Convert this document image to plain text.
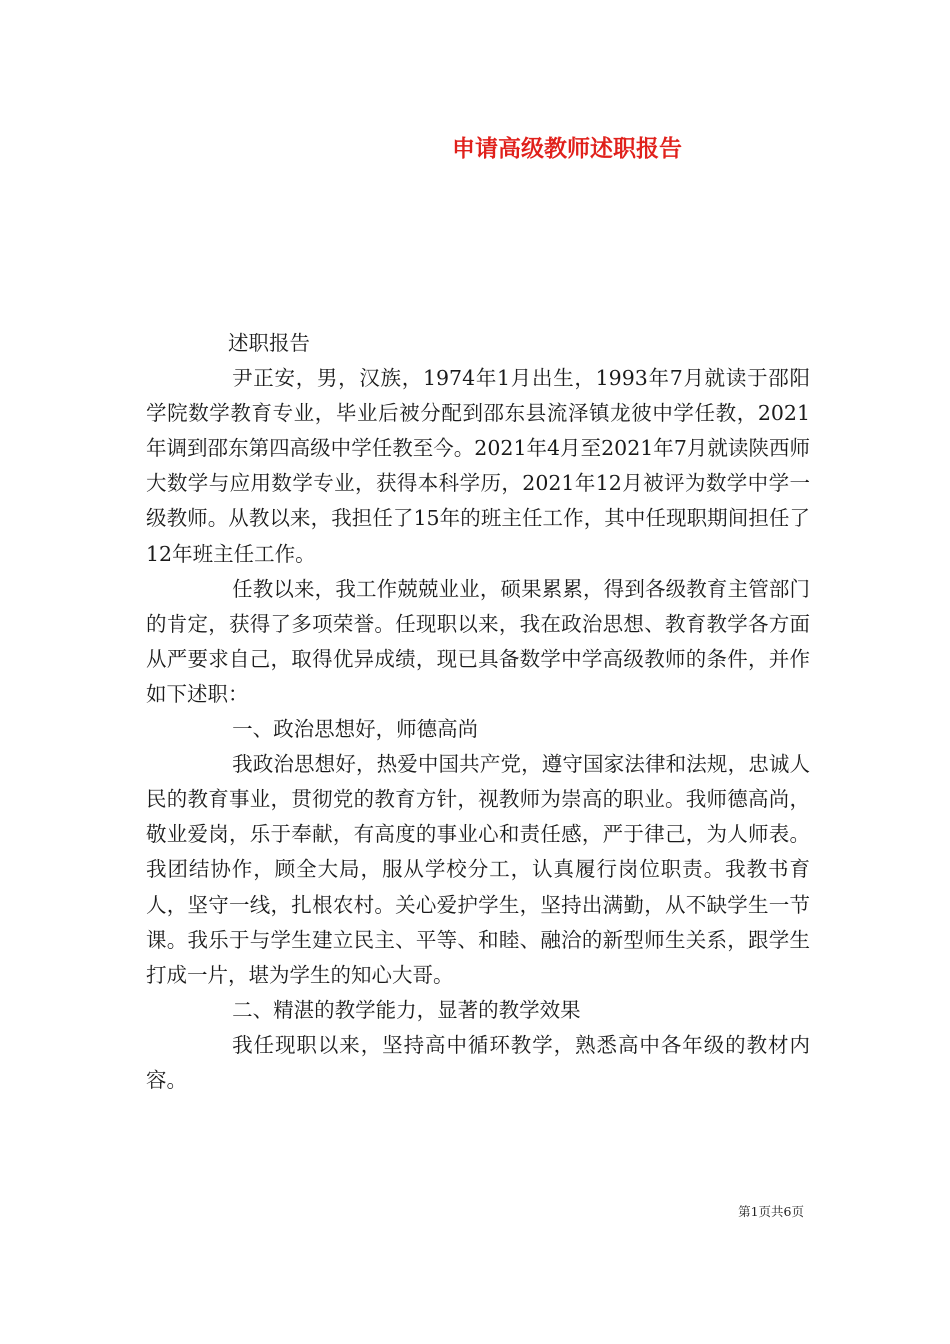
申请高级教师述职报告

述职报告

尹正安，男，汉族，1974年1月出生，1993年7月就读于邵阳学院数学教育专业，毕业后被分配到邵东县流泽镇龙彼中学任教，2021年调到邵东第四高级中学任教至今。2021年4月至2021年7月就读陕西师大数学与应用数学专业，获得本科学历，2021年12月被评为数学中学一级教师。从教以来，我担任了15年的班主任工作，其中任现职期间担任了12年班主任工作。

任教以来，我工作兢兢业业，硕果累累，得到各级教育主管部门的肯定，获得了多项荣誉。任现职以来，我在政治思想、教育教学各方面从严要求自己，取得优异成绩，现已具备数学中学高级教师的条件，并作如下述职：

一、政治思想好，师德高尚

我政治思想好，热爱中国共产党，遵守国家法律和法规，忠诚人民的教育事业，贯彻党的教育方针，视教师为崇高的职业。我师德高尚，敬业爱岗，乐于奉献，有高度的事业心和责任感，严于律己，为人师表。我团结协作，顾全大局，服从学校分工，认真履行岗位职责。我教书育人，坚守一线，扎根农村。关心爱护学生，坚持出满勤，从不缺学生一节课。我乐于与学生建立民主、平等、和睦、融洽的新型师生关系，跟学生打成一片，堪为学生的知心大哥。

二、精湛的教学能力，显著的教学效果

我任现职以来，坚持高中循环教学，熟悉高中各年级的教材内容。

第1页共6页
